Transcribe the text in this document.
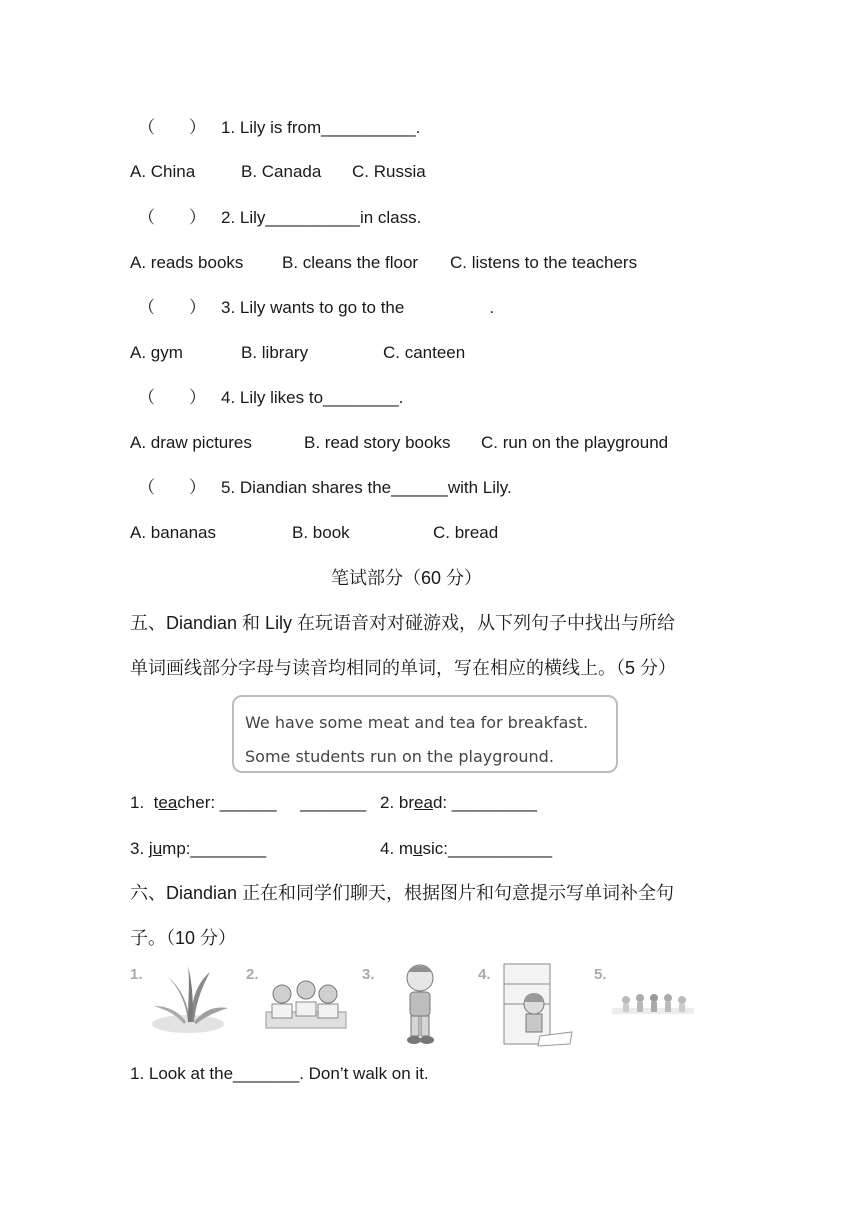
（　　） 1. Lily is from__________.
A. China	B. Canada C. Russia
（　　） 2. Lily__________in class.
A. reads books B. cleans the floor C. listens to the teachers
（　　） 3. Lily wants to go to the                  .
A. gym	B. library	C. canteen
（　　） 4. Lily likes to________.
A. draw pictures	B. read story books C. run on the playground
（　　） 5. Diandian shares the______with Lily.
A. bananas	B. book	C. bread
笔试部分（60 分）
五、Diandian 和 Lily 在玩语音对对碰游戏，从下列句子中找出与所给
单词画线部分字母与读音均相同的单词，写在相应的横线上。（5 分）
We have some meat and tea for breakfast.
Some students run on the playground.
1.  teacher: ______     _______ 2. bread: _________
3. jump:________	4. music:___________
六、Diandian 正在和同学们聊天，根据图片和句意提示写单词补全句
子。（10 分）
1.	2.	3.	4.	5.
1. Look at the_______. Don’t walk on it.
